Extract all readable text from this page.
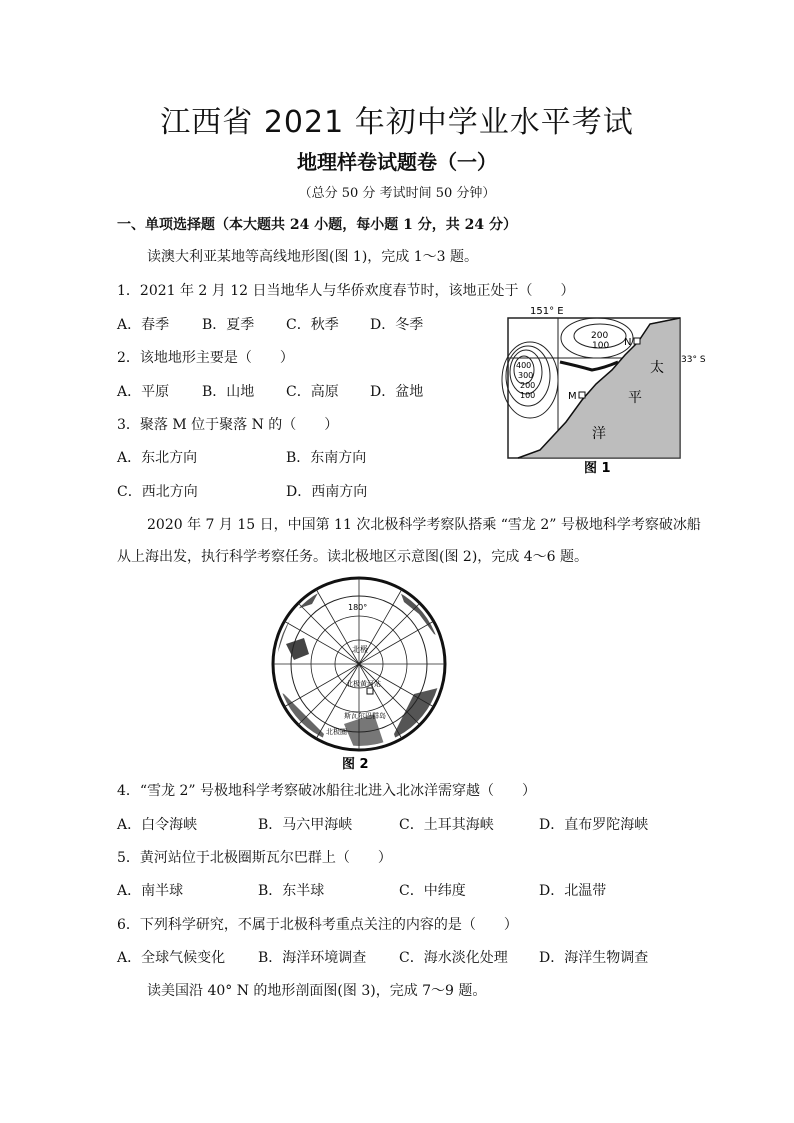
江西省 2021 年初中学业水平考试
地理样卷试题卷（一）
（总分 50 分 考试时间 50 分钟）
一、单项选择题（本大题共 24 小题，每小题 1 分，共 24 分）
读澳大利亚某地等高线地形图(图 1)，完成 1～3 题。
1．2021 年 2 月 12 日当地华人与华侨欢度春节时，该地正处于（　　）
A．春季 B．夏季 C．秋季 D．冬季
2．该地地形主要是（　　）
A．平原 B．山地 C．高原 D．盆地
3．聚落 M 位于聚落 N 的（　　）
A．东北方向	B．东南方向
C．西北方向	D．西南方向
151° E
33° S
200
100
400
300
200
100
N
M
太
平
洋
图 1
2020 年 7 月 15 日，中国第 11 次北极科学考察队搭乘 “雪龙 2” 号极地科学考察破冰船
从上海出发，执行科学考察任务。读北极地区示意图(图 2)，完成 4～6 题。
180°
北极
北极黄河站
斯瓦尔巴群岛
北极圈
图 2
4．“雪龙 2” 号极地科学考察破冰船往北进入北冰洋需穿越（　　）
A．白令海峡	B．马六甲海峡	C．土耳其海峡	D．直布罗陀海峡
5．黄河站位于北极圈斯瓦尔巴群上（　　）
A．南半球	B．东半球	C．中纬度	D．北温带
6．下列科学研究，不属于北极科考重点关注的内容的是（　　）
A．全球气候变化 B．海洋环境调查 C．海水淡化处理 D．海洋生物调查
读美国沿 40° N 的地形剖面图(图 3)，完成 7～9 题。
